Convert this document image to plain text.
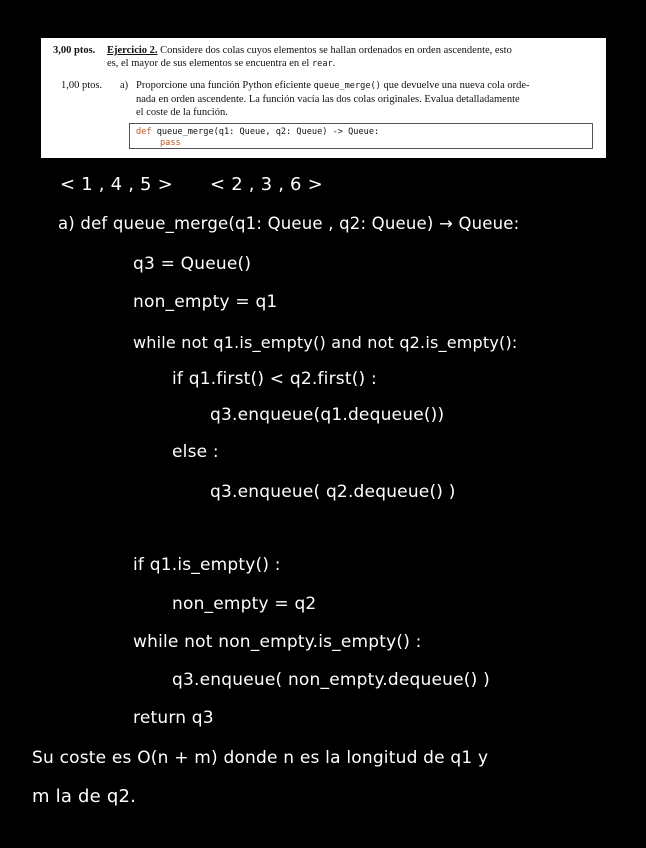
3,00 ptos. Ejercicio 2. Considere dos colas cuyos elementos se hallan ordenados en orden ascendente, esto
es, el mayor de sus elementos se encuentra en el rear.
1,00 ptos. a) Proporcione una función Python eficiente queue_merge() que devuelve una nueva cola orde-
nada en orden ascendente. La función vacía las dos colas originales. Evalua detalladamente
el coste de la función.
def queue_merge(q1: Queue, q2: Queue) -> Queue:
pass
< 1 , 4 , 5 > < 2 , 3 , 6 >
a) def queue_merge(q1: Queue , q2: Queue) → Queue:
q3 = Queue()
non_empty = q1
while not q1.is_empty() and not q2.is_empty():
if q1.first() < q2.first() :
q3.enqueue(q1.dequeue())
else :
q3.enqueue( q2.dequeue() )
if q1.is_empty() :
non_empty = q2
while not non_empty.is_empty() :
q3.enqueue( non_empty.dequeue() )
return q3
Su coste es O(n + m) donde n es la longitud de q1 y
m la de q2.
